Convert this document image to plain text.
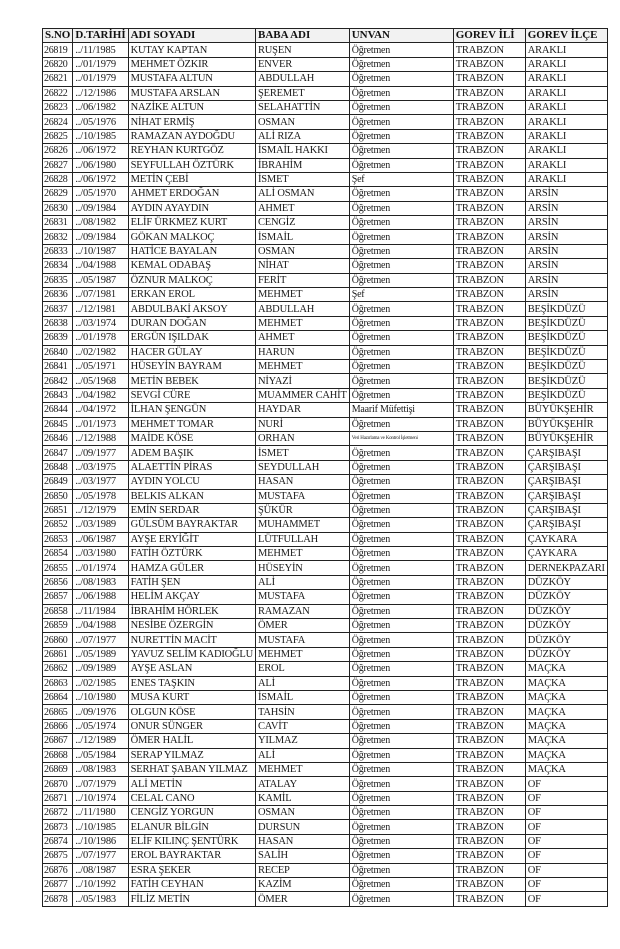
S.NO	D.TARİHİ	ADI SOYADI	BABA ADI	UNVAN	GOREV İLİ	GOREV İLÇE
26819	../11/1985	KUTAY KAPTAN	RUŞEN	Öğretmen	TRABZON	ARAKLI
26820	../01/1979	MEHMET ÖZKIR	ENVER	Öğretmen	TRABZON	ARAKLI
26821	../01/1979	MUSTAFA ALTUN	ABDULLAH	Öğretmen	TRABZON	ARAKLI
26822	../12/1986	MUSTAFA ARSLAN	ŞEREMET	Öğretmen	TRABZON	ARAKLI
26823	../06/1982	NAZİKE ALTUN	SELAHATTİN	Öğretmen	TRABZON	ARAKLI
26824	../05/1976	NİHAT ERMİŞ	OSMAN	Öğretmen	TRABZON	ARAKLI
26825	../10/1985	RAMAZAN AYDOĞDU	ALİ RIZA	Öğretmen	TRABZON	ARAKLI
26826	../06/1972	REYHAN KURTGÖZ	İSMAİL HAKKI	Öğretmen	TRABZON	ARAKLI
26827	../06/1980	SEYFULLAH ÖZTÜRK	İBRAHİM	Öğretmen	TRABZON	ARAKLI
26828	../06/1972	METİN ÇEBİ	İSMET	Şef	TRABZON	ARAKLI
26829	../05/1970	AHMET ERDOĞAN	ALİ OSMAN	Öğretmen	TRABZON	ARSİN
26830	../09/1984	AYDIN AYAYDIN	AHMET	Öğretmen	TRABZON	ARSİN
26831	../08/1982	ELİF ÜRKMEZ KURT	CENGİZ	Öğretmen	TRABZON	ARSİN
26832	../09/1984	GÖKAN MALKOÇ	İSMAİL	Öğretmen	TRABZON	ARSİN
26833	../10/1987	HATİCE BAYALAN	OSMAN	Öğretmen	TRABZON	ARSİN
26834	../04/1988	KEMAL ODABAŞ	NİHAT	Öğretmen	TRABZON	ARSİN
26835	../05/1987	ÖZNUR MALKOÇ	FERİT	Öğretmen	TRABZON	ARSİN
26836	../07/1981	ERKAN EROL	MEHMET	Şef	TRABZON	ARSİN
26837	../12/1981	ABDULBAKİ AKSOY	ABDULLAH	Öğretmen	TRABZON	BEŞİKDÜZÜ
26838	../03/1974	DURAN DOĞAN	MEHMET	Öğretmen	TRABZON	BEŞİKDÜZÜ
26839	../01/1978	ERGÜN IŞILDAK	AHMET	Öğretmen	TRABZON	BEŞİKDÜZÜ
26840	../02/1982	HACER GÜLAY	HARUN	Öğretmen	TRABZON	BEŞİKDÜZÜ
26841	../05/1971	HÜSEYİN BAYRAM	MEHMET	Öğretmen	TRABZON	BEŞİKDÜZÜ
26842	../05/1968	METİN BEBEK	NİYAZİ	Öğretmen	TRABZON	BEŞİKDÜZÜ
26843	../04/1982	SEVGİ CÜRE	MUAMMER CAHİT	Öğretmen	TRABZON	BEŞİKDÜZÜ
26844	../04/1972	İLHAN ŞENGÜN	HAYDAR	Maarif Müfettişi	TRABZON	BÜYÜKŞEHİR
26845	../01/1973	MEHMET TOMAR	NURİ	Öğretmen	TRABZON	BÜYÜKŞEHİR
26846	../12/1988	MAİDE KÖSE	ORHAN	Veri Hazırlama ve Kontrol İşletmeni	TRABZON	BÜYÜKŞEHİR
26847	../09/1977	ADEM BAŞIK	İSMET	Öğretmen	TRABZON	ÇARŞIBAŞI
26848	../03/1975	ALAETTİN PİRAS	SEYDULLAH	Öğretmen	TRABZON	ÇARŞIBAŞI
26849	../03/1977	AYDIN YOLCU	HASAN	Öğretmen	TRABZON	ÇARŞIBAŞI
26850	../05/1978	BELKIS ALKAN	MUSTAFA	Öğretmen	TRABZON	ÇARŞIBAŞI
26851	../12/1979	EMİN SERDAR	ŞÜKÜR	Öğretmen	TRABZON	ÇARŞIBAŞI
26852	../03/1989	GÜLSÜM BAYRAKTAR	MUHAMMET	Öğretmen	TRABZON	ÇARŞIBAŞI
26853	../06/1987	AYŞE ERYİĞİT	LÜTFULLAH	Öğretmen	TRABZON	ÇAYKARA
26854	../03/1980	FATİH ÖZTÜRK	MEHMET	Öğretmen	TRABZON	ÇAYKARA
26855	../01/1974	HAMZA GÜLER	HÜSEYİN	Öğretmen	TRABZON	DERNEKPAZARI
26856	../08/1983	FATİH ŞEN	ALİ	Öğretmen	TRABZON	DÜZKÖY
26857	../06/1988	HELİM AKÇAY	MUSTAFA	Öğretmen	TRABZON	DÜZKÖY
26858	../11/1984	İBRAHİM HÖRLEK	RAMAZAN	Öğretmen	TRABZON	DÜZKÖY
26859	../04/1988	NESİBE ÖZERGİN	ÖMER	Öğretmen	TRABZON	DÜZKÖY
26860	../07/1977	NURETTİN MACİT	MUSTAFA	Öğretmen	TRABZON	DÜZKÖY
26861	../05/1989	YAVUZ SELİM KADIOĞLU	MEHMET	Öğretmen	TRABZON	DÜZKÖY
26862	../09/1989	AYŞE ASLAN	EROL	Öğretmen	TRABZON	MAÇKA
26863	../02/1985	ENES TAŞKIN	ALİ	Öğretmen	TRABZON	MAÇKA
26864	../10/1980	MUSA KURT	İSMAİL	Öğretmen	TRABZON	MAÇKA
26865	../09/1976	OLGUN KÖSE	TAHSİN	Öğretmen	TRABZON	MAÇKA
26866	../05/1974	ONUR SÜNGER	CAVİT	Öğretmen	TRABZON	MAÇKA
26867	../12/1989	ÖMER HALİL	YILMAZ	Öğretmen	TRABZON	MAÇKA
26868	../05/1984	SERAP YILMAZ	ALİ	Öğretmen	TRABZON	MAÇKA
26869	../08/1983	SERHAT ŞABAN YILMAZ	MEHMET	Öğretmen	TRABZON	MAÇKA
26870	../07/1979	ALİ METİN	ATALAY	Öğretmen	TRABZON	OF
26871	../10/1974	CELAL CANO	KAMİL	Öğretmen	TRABZON	OF
26872	../11/1980	CENGİZ YORGUN	OSMAN	Öğretmen	TRABZON	OF
26873	../10/1985	ELANUR BİLGİN	DURSUN	Öğretmen	TRABZON	OF
26874	../10/1986	ELİF KILINÇ ŞENTÜRK	HASAN	Öğretmen	TRABZON	OF
26875	../07/1977	EROL BAYRAKTAR	SALİH	Öğretmen	TRABZON	OF
26876	../08/1987	ESRA ŞEKER	RECEP	Öğretmen	TRABZON	OF
26877	../10/1992	FATİH CEYHAN	KAZİM	Öğretmen	TRABZON	OF
26878	../05/1983	FİLİZ METİN	ÖMER	Öğretmen	TRABZON	OF
